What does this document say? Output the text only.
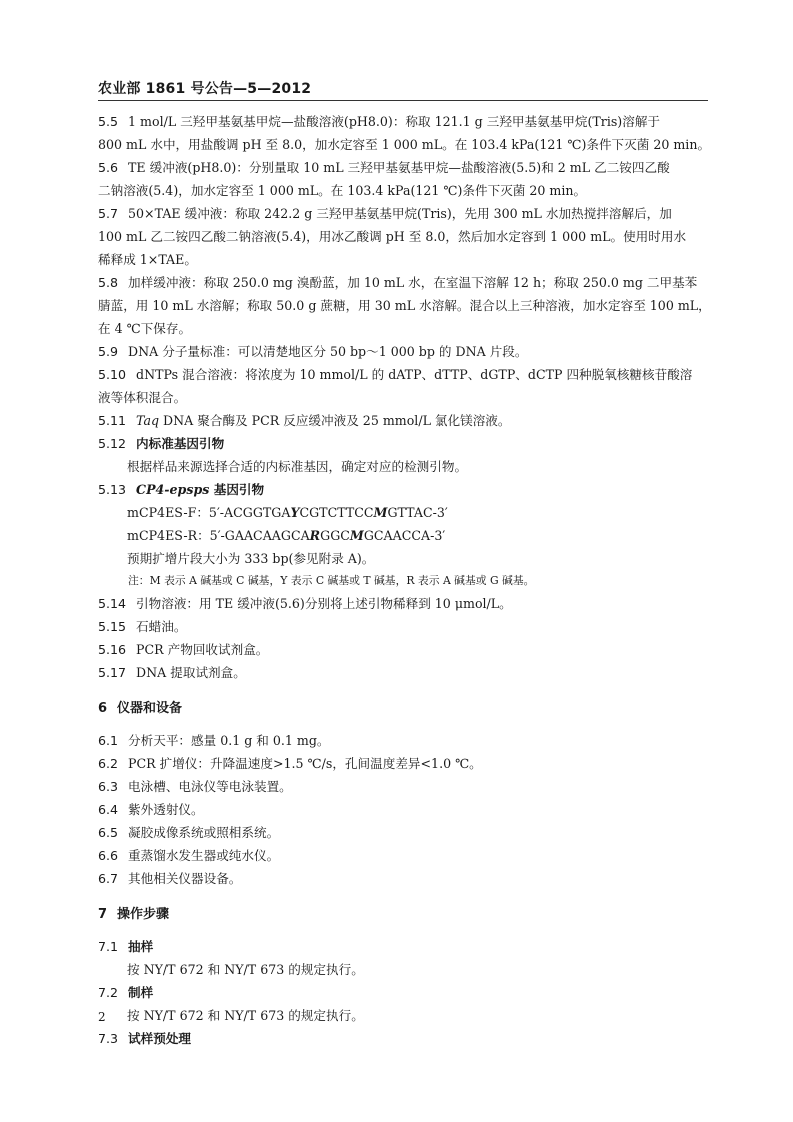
农业部 1861 号公告—5—2012

5.5 1 mol/L 三羟甲基氨基甲烷—盐酸溶液(pH8.0)：称取 121.1 g 三羟甲基氨基甲烷(Tris)溶解于

800 mL 水中，用盐酸调 pH 至 8.0，加水定容至 1 000 mL。在 103.4 kPa(121 ℃)条件下灭菌 20 min。

5.6 TE 缓冲液(pH8.0)：分别量取 10 mL 三羟甲基氨基甲烷—盐酸溶液(5.5)和 2 mL 乙二铵四乙酸

二钠溶液(5.4)，加水定容至 1 000 mL。在 103.4 kPa(121 ℃)条件下灭菌 20 min。

5.7 50×TAE 缓冲液：称取 242.2 g 三羟甲基氨基甲烷(Tris)，先用 300 mL 水加热搅拌溶解后，加

100 mL 乙二铵四乙酸二钠溶液(5.4)，用冰乙酸调 pH 至 8.0，然后加水定容到 1 000 mL。使用时用水

稀释成 1×TAE。

5.8 加样缓冲液：称取 250.0 mg 溴酚蓝，加 10 mL 水，在室温下溶解 12 h；称取 250.0 mg 二甲基苯

腈蓝，用 10 mL 水溶解；称取 50.0 g 蔗糖，用 30 mL 水溶解。混合以上三种溶液，加水定容至 100 mL，

在 4 ℃下保存。

5.9 DNA 分子量标准：可以清楚地区分 50 bp～1 000 bp 的 DNA 片段。

5.10 dNTPs 混合溶液：将浓度为 10 mmol/L 的 dATP、dTTP、dGTP、dCTP 四种脱氧核糖核苷酸溶

液等体积混合。

5.11 Taq DNA 聚合酶及 PCR 反应缓冲液及 25 mmol/L 氯化镁溶液。

5.12 内标准基因引物

根据样品来源选择合适的内标准基因，确定对应的检测引物。

5.13 CP4-epsps 基因引物

mCP4ES-F：5′-ACGGTGAYCGTCTTCCMGTTAC-3′

mCP4ES-R：5′-GAACAAGCARGGCMGCAACCA-3′

预期扩增片段大小为 333 bp(参见附录 A)。

注：M 表示 A 碱基或 C 碱基，Y 表示 C 碱基或 T 碱基，R 表示 A 碱基或 G 碱基。

5.14 引物溶液：用 TE 缓冲液(5.6)分别将上述引物稀释到 10 μmol/L。

5.15 石蜡油。

5.16 PCR 产物回收试剂盒。

5.17 DNA 提取试剂盒。

6 仪器和设备

6.1 分析天平：感量 0.1 g 和 0.1 mg。

6.2 PCR 扩增仪：升降温速度>1.5 ℃/s，孔间温度差异<1.0 ℃。

6.3 电泳槽、电泳仪等电泳装置。

6.4 紫外透射仪。

6.5 凝胶成像系统或照相系统。

6.6 重蒸馏水发生器或纯水仪。

6.7 其他相关仪器设备。

7 操作步骤

7.1 抽样

按 NY/T 672 和 NY/T 673 的规定执行。

7.2 制样

按 NY/T 672 和 NY/T 673 的规定执行。

7.3 试样预处理

2
